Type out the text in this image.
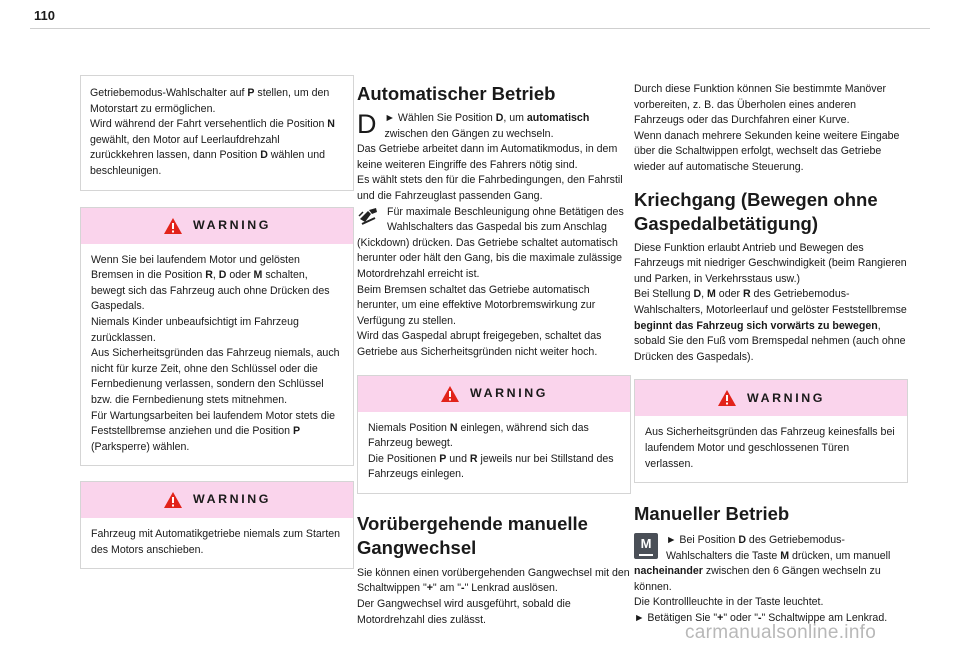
110

Getriebemodus-Wahlschalter auf P stellen, um den Motorstart zu ermöglichen.

Wird während der Fahrt versehentlich die Position N gewählt, den Motor auf Leerlaufdrehzahl zurückkehren lassen, dann Position D wählen und beschleunigen.

WARNING

Wenn Sie bei laufendem Motor und gelösten Bremsen in die Position R, D oder M schalten, bewegt sich das Fahrzeug auch ohne Drücken des Gaspedals.

Niemals Kinder unbeaufsichtigt im Fahrzeug zurücklassen.

Aus Sicherheitsgründen das Fahrzeug niemals, auch nicht für kurze Zeit, ohne den Schlüssel oder die Fernbedienung verlassen, sondern den Schlüssel bzw. die Fernbedienung stets mitnehmen.

Für Wartungsarbeiten bei laufendem Motor stets die Feststellbremse anziehen und die Position P (Parksperre) wählen.

WARNING

Fahrzeug mit Automatikgetriebe niemals zum Starten des Motors anschieben.

Automatischer Betrieb
D ► Wählen Sie Position D, um automatisch zwischen den Gängen zu wechseln.

Das Getriebe arbeitet dann im Automatikmodus, in dem keine weiteren Eingriffe des Fahrers nötig sind.

Es wählt stets den für die Fahrbedingungen, den Fahrstil und die Fahrzeuglast passenden Gang.

Für maximale Beschleunigung ohne Betätigen des Wahlschalters das Gaspedal bis zum Anschlag (Kickdown) drücken. Das Getriebe schaltet automatisch herunter oder hält den Gang, bis die maximale zulässige Motordrehzahl erreicht ist.

Beim Bremsen schaltet das Getriebe automatisch herunter, um eine effektive Motorbremswirkung zur Verfügung zu stellen.

Wird das Gaspedal abrupt freigegeben, schaltet das Getriebe aus Sicherheitsgründen nicht weiter hoch.

WARNING

Niemals Position N einlegen, während sich das Fahrzeug bewegt.

Die Positionen P und R jeweils nur bei Stillstand des Fahrzeugs einlegen.

Vorübergehende manuelle Gangwechsel

Sie können einen vorübergehenden Gangwechsel mit den Schaltwippen "+" am "-" Lenkrad auslösen.

Der Gangwechsel wird ausgeführt, sobald die Motordrehzahl dies zulässt.

Durch diese Funktion können Sie bestimmte Manöver vorbereiten, z. B. das Überholen eines anderen Fahrzeugs oder das Durchfahren einer Kurve.

Wenn danach mehrere Sekunden keine weitere Eingabe über die Schaltwippen erfolgt, wechselt das Getriebe wieder auf automatische Steuerung.

Kriechgang (Bewegen ohne Gaspedalbetätigung)

Diese Funktion erlaubt Antrieb und Bewegen des Fahrzeugs mit niedriger Geschwindigkeit (beim Rangieren und Parken, in Verkehrsstaus usw.)

Bei Stellung D, M oder R des Getriebemodus-Wahlschalters, Motorleerlauf und gelöster Feststellbremse beginnt das Fahrzeug sich vorwärts zu bewegen, sobald Sie den Fuß vom Bremspedal nehmen (auch ohne Drücken des Gaspedals).

WARNING

Aus Sicherheitsgründen das Fahrzeug keinesfalls bei laufendem Motor und geschlossenen Türen verlassen.

Manueller Betrieb
M	► Bei Position D des Getriebemodus-Wahlschalters die Taste M drücken, um manuell nacheinander zwischen den 6 Gängen wechseln zu können.

Die Kontrollleuchte in der Taste leuchtet.

► Betätigen Sie "+" oder "-" Schaltwippe am Lenkrad.

carmanualsonline.info
